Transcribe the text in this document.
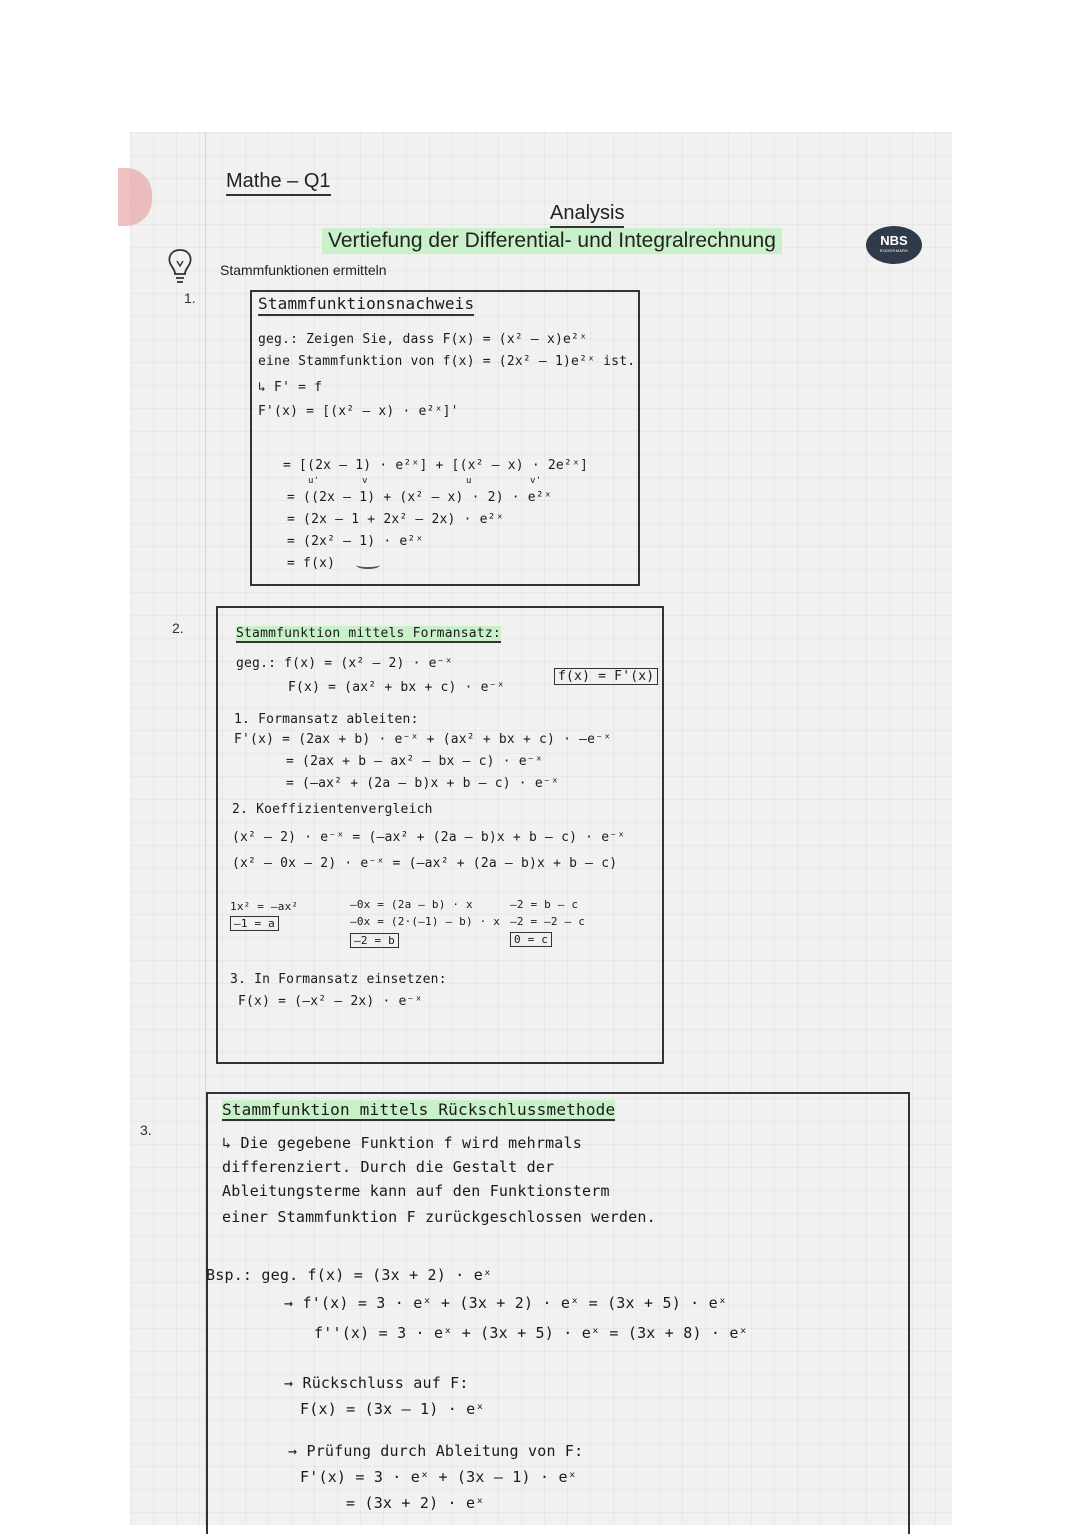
Mathe – Q1
Analysis
Vertiefung der Differential- und Integralrechnung
Stammfunktionen ermitteln
NBS
RODERMARK
1.
2.
3.
Stammfunktionsnachweis
geg.: Zeigen Sie, dass F(x) = (x² – x)e²ˣ
eine Stammfunktion von f(x) = (2x² – 1)e²ˣ ist.
↳ F' = f
F'(x) = [(x² – x) · e²ˣ]'
= [(2x – 1) · e²ˣ] + [(x² – x) · 2e²ˣ]
= ((2x – 1) + (x² – x) · 2) · e²ˣ
= (2x – 1 + 2x² – 2x) · e²ˣ
= (2x² – 1) · e²ˣ
= f(x)
u'	v	u	v'
Stammfunktion mittels Formansatz:
geg.: f(x) = (x² – 2) · e⁻ˣ
F(x) = (ax² + bx + c) · e⁻ˣ
f(x) = F'(x)
1. Formansatz ableiten:
F'(x) = (2ax + b) · e⁻ˣ + (ax² + bx + c) · –e⁻ˣ
= (2ax + b – ax² – bx – c) · e⁻ˣ
= (–ax² + (2a – b)x + b – c) · e⁻ˣ
2. Koeffizientenvergleich
(x² – 2) · e⁻ˣ = (–ax² + (2a – b)x + b – c) · e⁻ˣ
(x² – 0x – 2) · e⁻ˣ = (–ax² + (2a – b)x + b – c)
1x² = –ax²
–1 = a
–0x = (2a – b) · x
–0x = (2·(–1) – b) · x
–2 = b
–2 = b – c
–2 = –2 – c
0 = c
3. In Formansatz einsetzen:
F(x) = (–x² – 2x) · e⁻ˣ
Stammfunktion mittels Rückschlussmethode
↳ Die gegebene Funktion f wird mehrmals
differenziert. Durch die Gestalt der
Ableitungsterme kann auf den Funktionsterm
einer Stammfunktion F zurückgeschlossen werden.
Bsp.: geg. f(x) = (3x + 2) · eˣ
→ f'(x) = 3 · eˣ + (3x + 2) · eˣ = (3x + 5) · eˣ
f''(x) = 3 · eˣ + (3x + 5) · eˣ = (3x + 8) · eˣ
→ Rückschluss auf F:
F(x) = (3x – 1) · eˣ
→ Prüfung durch Ableitung von F:
F'(x) = 3 · eˣ + (3x – 1) · eˣ
= (3x + 2) · eˣ
